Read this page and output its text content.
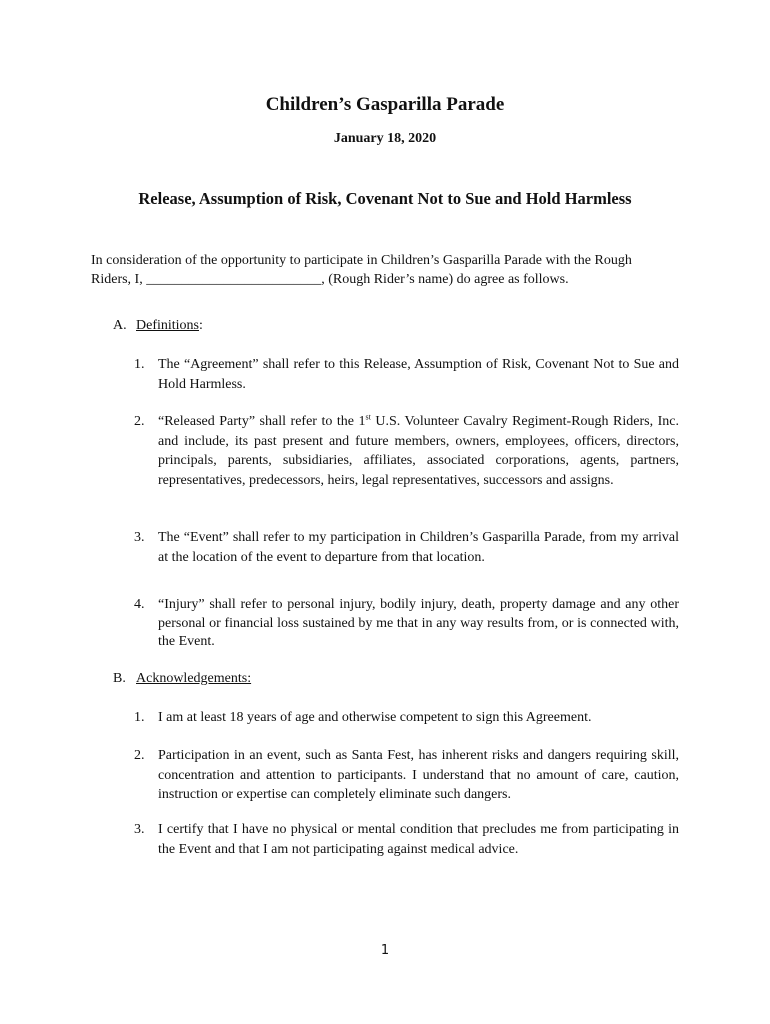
Children’s Gasparilla Parade
January 18, 2020
Release, Assumption of Risk, Covenant Not to Sue and Hold Harmless
In consideration of the opportunity to participate in Children’s Gasparilla Parade with the Rough
Riders, I, _________________________, (Rough Rider’s name) do agree as follows.
A. Definitions:
1. The “Agreement” shall refer to this Release, Assumption of Risk, Covenant Not to Sue and Hold Harmless.
2. “Released Party” shall refer to the 1st U.S. Volunteer Cavalry Regiment-Rough Riders, Inc. and include, its past present and future members, owners, employees, officers, directors, principals, parents, subsidiaries, affiliates, associated corporations, agents, partners, representatives, predecessors, heirs, legal representatives, successors and assigns.
3. The “Event” shall refer to my participation in Children’s Gasparilla Parade, from my arrival at the location of the event to departure from that location.
4. “Injury” shall refer to personal injury, bodily injury, death, property damage and any other personal or financial loss sustained by me that in any way results from, or is connected with, the Event.
B. Acknowledgements:
1. I am at least 18 years of age and otherwise competent to sign this Agreement.
2. Participation in an event, such as Santa Fest, has inherent risks and dangers requiring skill, concentration and attention to participants. I understand that no amount of care, caution, instruction or expertise can completely eliminate such dangers.
3. I certify that I have no physical or mental condition that precludes me from participating in the Event and that I am not participating against medical advice.
1
